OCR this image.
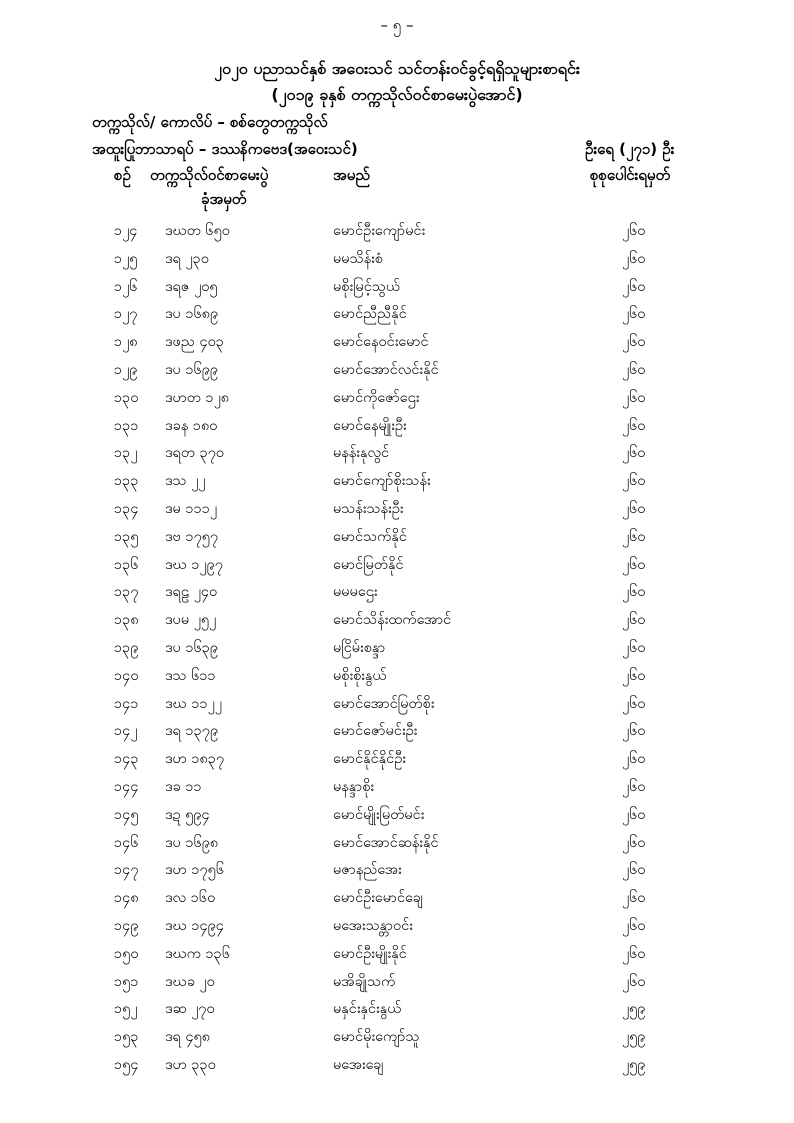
– ၅ –
၂၀၂၀ ပညာသင်နှစ် အဝေးသင် သင်တန်းဝင်ခွင့်ရရှိသူများစာရင်း
(၂၀၁၉ ခုနှစ် တက္ကသိုလ်ဝင်စာမေးပွဲအောင်)
တက္ကသိုလ်/ ကောလိပ် – စစ်တွေတက္ကသိုလ်
အထူးပြုဘာသာရပ် – ဒဿနိကဗေဒ(အဝေးသင်)	ဦးရေ (၂၇၁) ဦး
စဉ် တက္ကသိုလ်ဝင်စာမေးပွဲ
ခုံအမှတ်
အမည်	စုစုပေါင်းရမှတ်
၁၂၄ ဒဃတ ၆၅၀	မောင်ဦးကျော်မင်း	၂၆၀
၁၂၅ ဒရ ၂၃၀	မမသိန်းစံ	၂၆၀
၁၂၆ ဒရဇ ၂၀၅	မစိုးမြင့်သွယ်	၂၆၀
၁၂၇ ဒပ ၁၆၈၉	မောင်ညီညီနိုင်	၂၆၀
၁၂၈ ဒဖည ၄၀၃	မောင်နေဝင်းမောင်	၂၆၀
၁၂၉ ဒပ ၁၆၉၉	မောင်အောင်လင်းနိုင်	၂၆၀
၁၃၀ ဒဟတ ၁၂၈	မောင်ကိုဇော်ဌေး	၂၆၀
၁၃၁ ဒခန ၁၈၀	မောင်နေမျိုးဦး	၂၆၀
၁၃၂ ဒရတ ၃၇၀	မနန်းနုလွင်	၂၆၀
၁၃၃ ဒသ ၂၂	မောင်ကျော်စိုးသန်း	၂၆၀
၁၃၄ ဒမ ၁၁၁၂	မသန်းသန်းဦး	၂၆၀
၁၃၅ ဒဗ ၁၇၅၇	မောင်သက်နိုင်	၂၆၀
၁၃၆ ဒဃ ၁၂၉၇	မောင်မြတ်နိုင်	၂၆၀
၁၃၇ ဒရဠ ၂၄၀	မမမဌေး	၂၆၀
၁၃၈ ဒပမ ၂၅၂	မောင်သိန်းထက်အောင်	၂၆၀
၁၃၉ ဒပ ၁၆၃၉	မငြိမ်းစန္ဒာ	၂၆၀
၁၄၀ ဒသ ၆၁၁	မစိုးစိုးနွယ်	၂၆၀
၁၄၁ ဒဃ ၁၁၂၂	မောင်အောင်မြတ်စိုး	၂၆၀
၁၄၂ ဒရ ၁၃၇၉	မောင်ဇော်မင်းဦး	၂၆၀
၁၄၃ ဒဟ ၁၈၃၇	မောင်နိုင်နိုင်ဦး	၂၆၀
၁၄၄ ဒခ ၁၁	မနန္ဒာစိုး	၂၆၀
၁၄၅ ဒဍ ၅၉၄	မောင်မျိုးမြတ်မင်း	၂၆၀
၁၄၆ ဒပ ၁၆၉၈	မောင်အောင်ဆန်းနိုင်	၂၆၀
၁၄၇ ဒဟ ၁၇၅၆	မဇာနည်အေး	၂၆၀
၁၄၈ ဒလ ၁၆၀	မောင်ဦးမောင်ချေ	၂၆၀
၁၄၉ ဒဃ ၁၄၉၄	မအေးသန္တာဝင်း	၂၆၀
၁၅၀ ဒဃက ၁၃၆	မောင်ဦးမျိုးနိုင်	၂၆၀
၁၅၁ ဒဃခ ၂၀	မအိချိုသက်	၂၆၀
၁၅၂ ဒဆ ၂၇၀	မနှင်းနှင်းနွယ်	၂၅၉
၁၅၃ ဒရ ၄၅၈	မောင်မိုးကျော်သူ	၂၅၉
၁၅၄ ဒဟ ၃၃၀	မအေးချေ	၂၅၉
